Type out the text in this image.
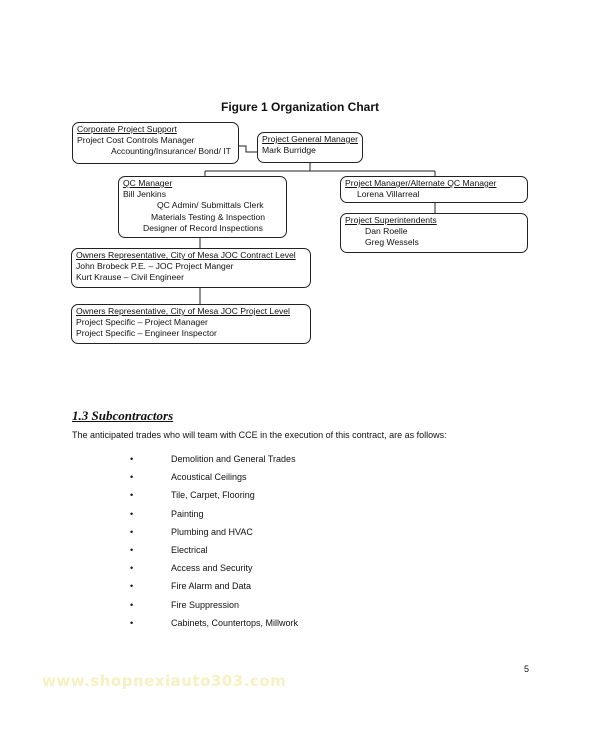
Figure 1 Organization Chart
Corporate Project Support
Project Cost Controls Manager
Accounting/Insurance/ Bond/ IT
Project General Manager
Mark Burridge
QC Manager
Bill Jenkins
QC Admin/ Submittals Clerk
Materials Testing & Inspection
Designer of Record Inspections
Project Manager/Alternate QC Manager
Lorena Villarreal
Project Superintendents
Dan Roelle
Greg Wessels
Owners Representative, City of Mesa JOC Contract Level
John Brobeck P.E. – JOC Project Manger
Kurt Krause – Civil Engineer
Owners Representative, City of Mesa JOC Project Level
Project Specific – Project Manager
Project Specific – Engineer Inspector
1.3 Subcontractors
The anticipated trades who will team with CCE in the execution of this contract, are as follows:
•	Demolition and General Trades
•	Acoustical Ceilings
•	Tile, Carpet, Flooring
•	Painting
•	Plumbing and HVAC
•	Electrical
•	Access and Security
•	Fire Alarm and Data
•	Fire Suppression
•	Cabinets, Countertops, Millwork
5
www.shopnexiauto303.com
